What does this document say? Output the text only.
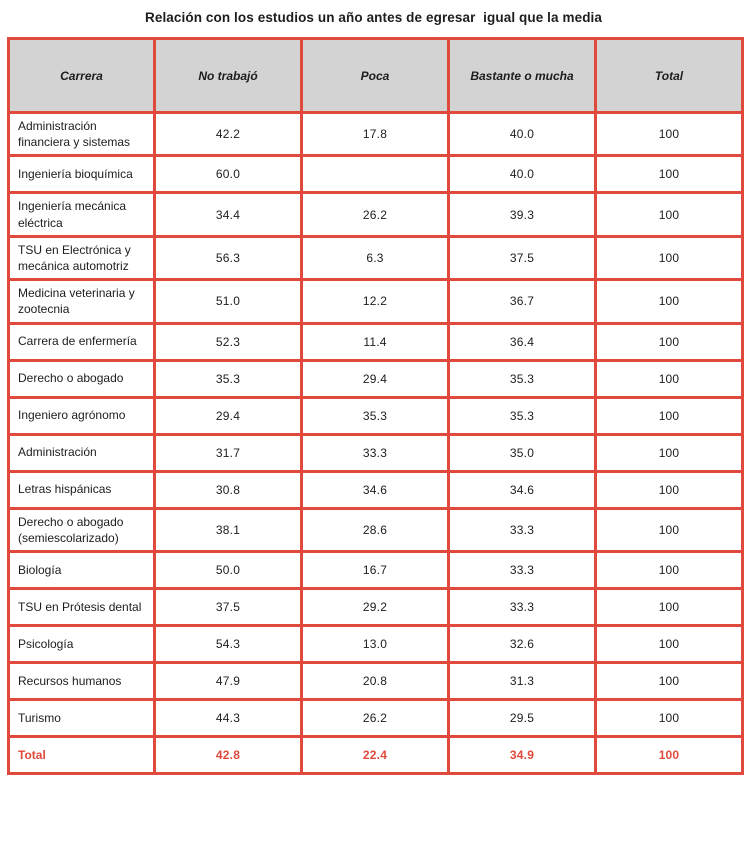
Relación con los estudios un año antes de egresar  igual que la media
Carrera	No trabajó	Poca	Bastante o mucha	Total
Administración financiera y sistemas	42.2	17.8	40.0	100
Ingeniería bioquímica	60.0		40.0	100
Ingeniería mecánica eléctrica	34.4	26.2	39.3	100
TSU en Electrónica y mecánica automotriz	56.3	6.3	37.5	100
Medicina veterinaria y zootecnia	51.0	12.2	36.7	100
Carrera de enfermería	52.3	11.4	36.4	100
Derecho o abogado	35.3	29.4	35.3	100
Ingeniero agrónomo	29.4	35.3	35.3	100
Administración	31.7	33.3	35.0	100
Letras hispánicas	30.8	34.6	34.6	100
Derecho o abogado (semiescolarizado)	38.1	28.6	33.3	100
Biología	50.0	16.7	33.3	100
TSU en Prótesis dental	37.5	29.2	33.3	100
Psicología	54.3	13.0	32.6	100
Recursos humanos	47.9	20.8	31.3	100
Turismo	44.3	26.2	29.5	100
Total	42.8	22.4	34.9	100
